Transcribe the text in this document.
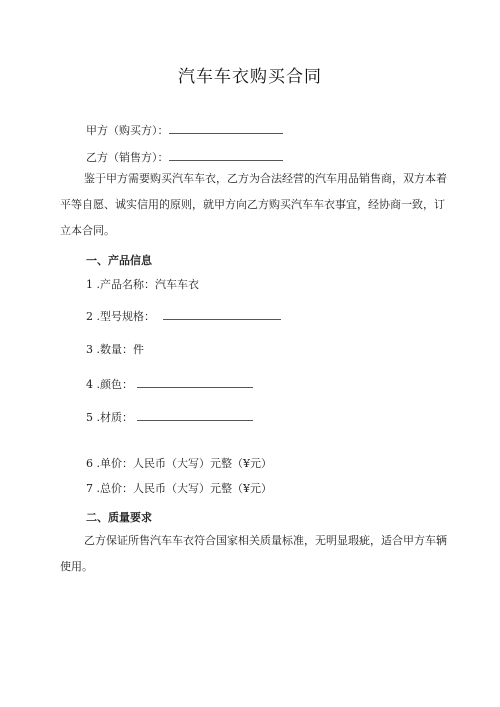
汽车车衣购买合同
甲方（购买方）：
乙方（销售方）：
鉴于甲方需要购买汽车车衣，乙方为合法经营的汽车用品销售商，双方本着平等自愿、诚实信用的原则，就甲方向乙方购买汽车车衣事宜，经协商一致，订立本合同。
一、产品信息
1 .产品名称：汽车车衣
2 .型号规格：
3 .数量：件
4 .颜色：
5 .材质：
6 .单价：人民币（大写）元整（¥元）
7 .总价：人民币（大写）元整（¥元）
二、质量要求
乙方保证所售汽车车衣符合国家相关质量标准，无明显瑕疵，适合甲方车辆使用。
